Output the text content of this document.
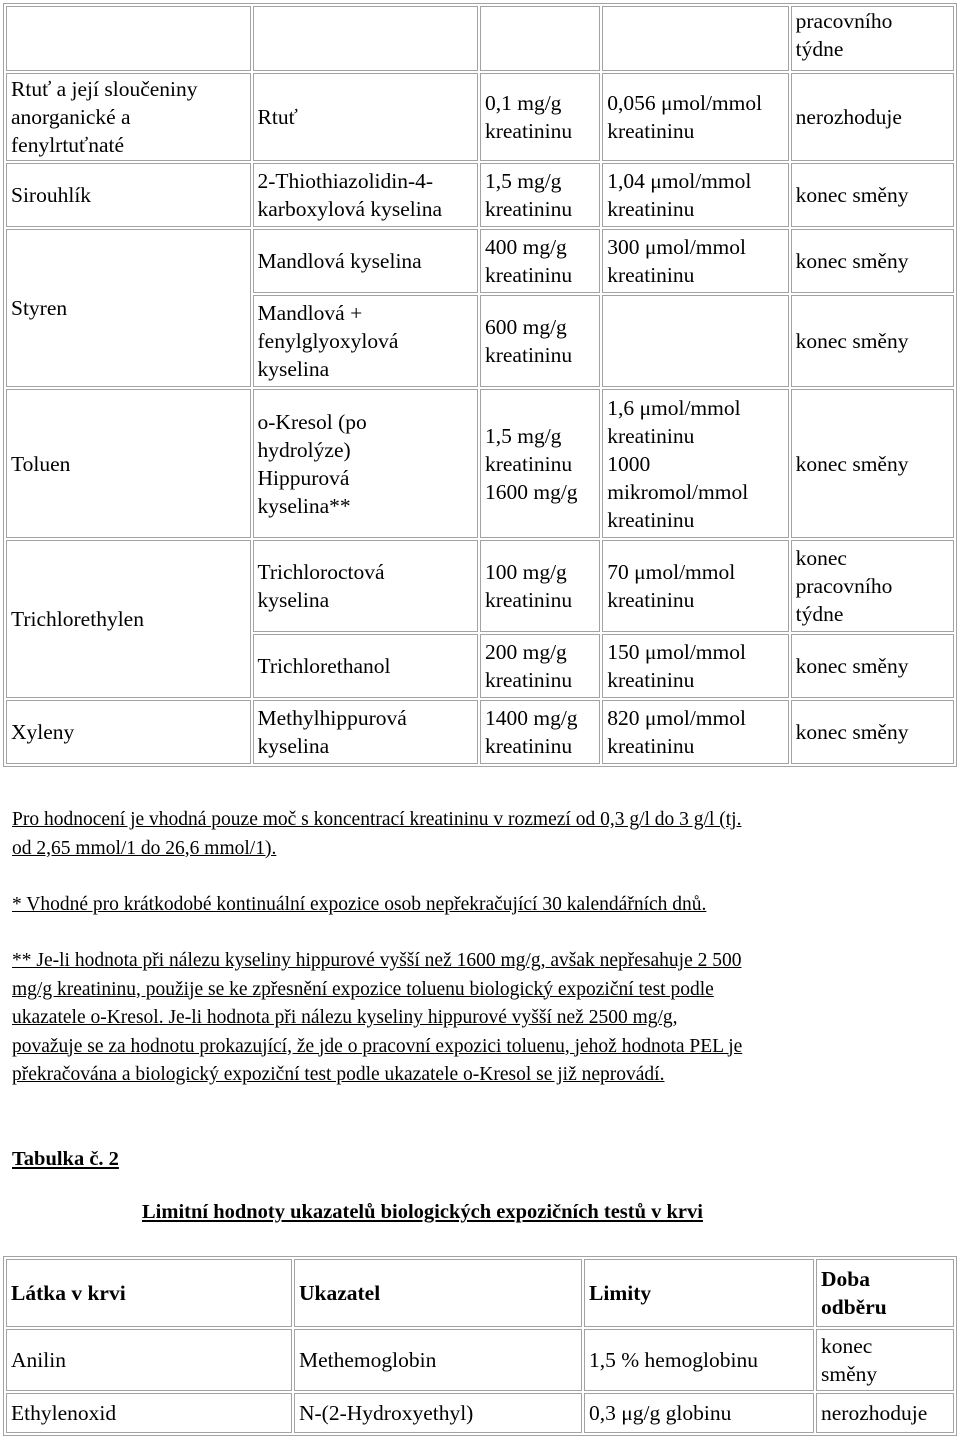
				pracovního
týdne
Rtuť a její sloučeniny
anorganické a
fenylrtuťnaté	Rtuť	0,1 mg/g
kreatininu	0,056 μmol/mmol
kreatininu	nerozhoduje
Sirouhlík	2-Thiothiazolidin-4-
karboxylová kyselina	1,5 mg/g
kreatininu	1,04 μmol/mmol
kreatininu	konec směny
Styren	Mandlová kyselina	400 mg/g
kreatininu	300 μmol/mmol
kreatininu	konec směny
	Mandlová +
fenylglyoxylová
kyselina	600 mg/g
kreatininu		konec směny
Toluen	o-Kresol (po
hydrolýze)
Hippurová
kyselina**	1,5 mg/g
kreatininu
1600 mg/g	1,6 μmol/mmol
kreatininu
1000
mikromol/mmol
kreatininu	konec směny
Trichlorethylen	Trichloroctová
kyselina	100 mg/g
kreatininu	70 μmol/mmol
kreatininu	konec
pracovního
týdne
	Trichlorethanol	200 mg/g
kreatininu	150 μmol/mmol
kreatininu	konec směny
Xyleny	Methylhippurová
kyselina	1400 mg/g
kreatininu	820 μmol/mmol
kreatininu	konec směny
Pro hodnocení je vhodná pouze moč s koncentrací kreatininu v rozmezí od 0,3 g/l do 3 g/l (tj.
od 2,65 mmol/1 do 26,6 mmol/1).
* Vhodné pro krátkodobé kontinuální expozice osob nepřekračující 30 kalendářních dnů.
** Je-li hodnota při nálezu kyseliny hippurové vyšší než 1600 mg/g, avšak nepřesahuje 2 500
mg/g kreatininu, použije se ke zpřesnění expozice toluenu biologický expoziční test podle
ukazatele o-Kresol. Je-li hodnota při nálezu kyseliny hippurové vyšší než 2500 mg/g,
považuje se za hodnotu prokazující, že jde o pracovní expozici toluenu, jehož hodnota PEL je
překračována a biologický expoziční test podle ukazatele o-Kresol se již neprovádí.
Tabulka č. 2
Limitní hodnoty ukazatelů biologických expozičních testů v krvi
Látka v krvi	Ukazatel	Limity	Doba
odběru
Anilin	Methemoglobin	1,5 % hemoglobinu	konec
směny
Ethylenoxid	N-(2-Hydroxyethyl)	0,3 μg/g globinu	nerozhoduje
